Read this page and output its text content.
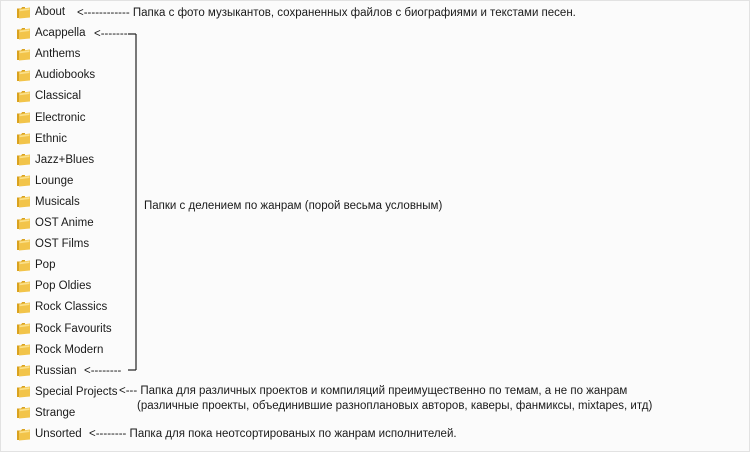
About
Acappella
Anthems
Audiobooks
Classical
Electronic
Ethnic
Jazz+Blues
Lounge
Musicals
OST Anime
OST Films
Pop
Pop Oldies
Rock Classics
Rock Favourits
Rock Modern
Russian
Special Projects
Strange
Unsorted
<------------ Папка с фото музыкантов, сохраненных файлов с биографиями и текстами песен.
<--------
Папки с делением по жанрам (порой весьма условным)
<--------
<--- Папка для различных проектов и компиляций преимущественно по темам, а не по жанрам
(различные проекты, объединившие разноплановых авторов, каверы, фанмиксы, mixtapes, итд)
<-------- Папка для пока неотсортированых по жанрам исполнителей.
